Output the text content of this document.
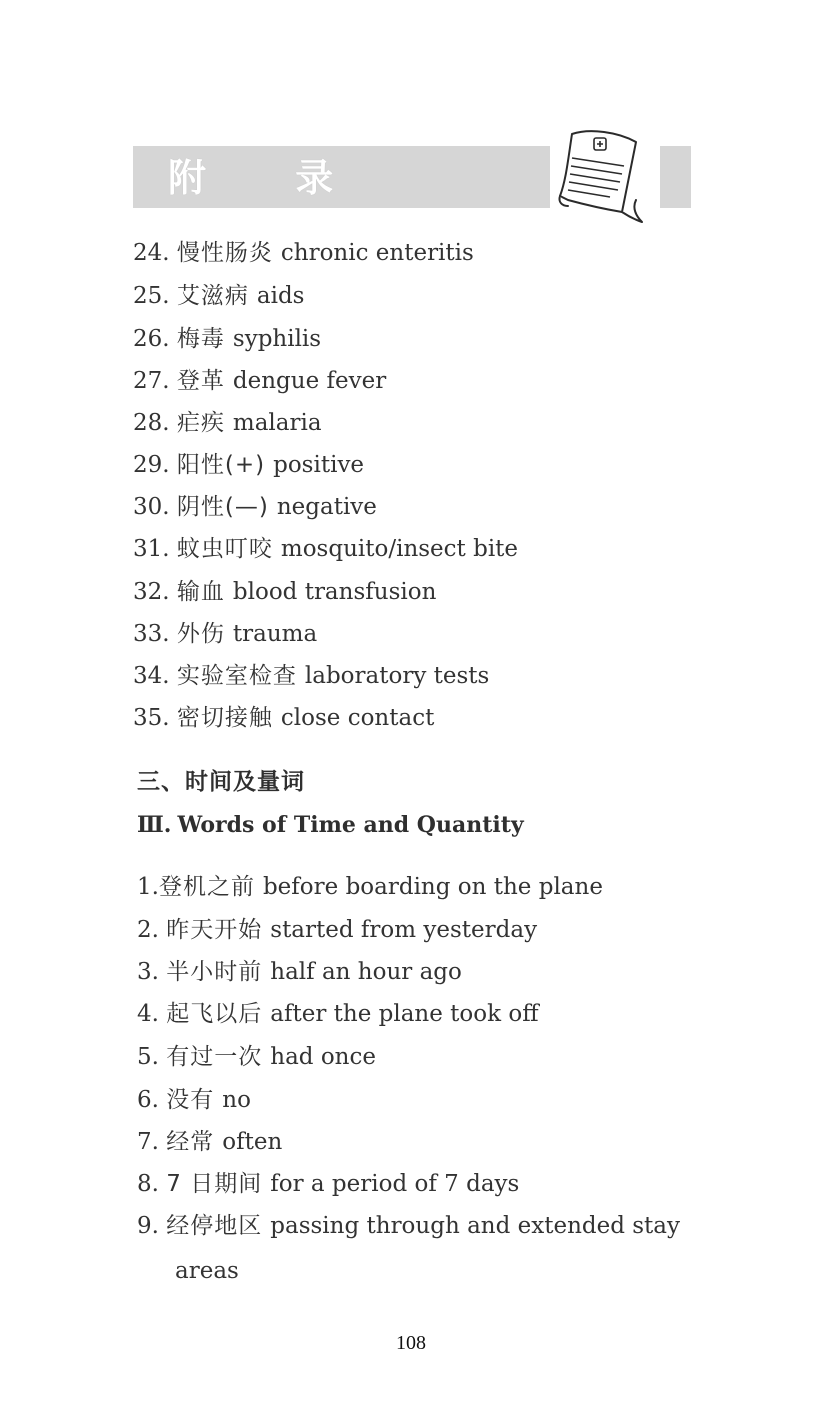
附 录
24. 慢性肠炎 chronic enteritis
25. 艾滋病 aids
26. 梅毒 syphilis
27. 登革 dengue fever
28. 疟疾 malaria
29. 阳性(+) positive
30. 阴性(—) negative
31. 蚊虫叮咬 mosquito/insect bite
32. 输血 blood transfusion
33. 外伤 trauma
34. 实验室检查 laboratory tests
35. 密切接触 close contact
三、时间及量词
Ⅲ. Words of Time and Quantity
1.登机之前 before boarding on the plane
2. 昨天开始 started from yesterday
3. 半小时前 half an hour ago
4. 起飞以后 after the plane took off
5. 有过一次 had once
6. 没有 no
7. 经常 often
8. 7 日期间 for a period of 7 days
9. 经停地区 passing through and extended stay
areas
108
